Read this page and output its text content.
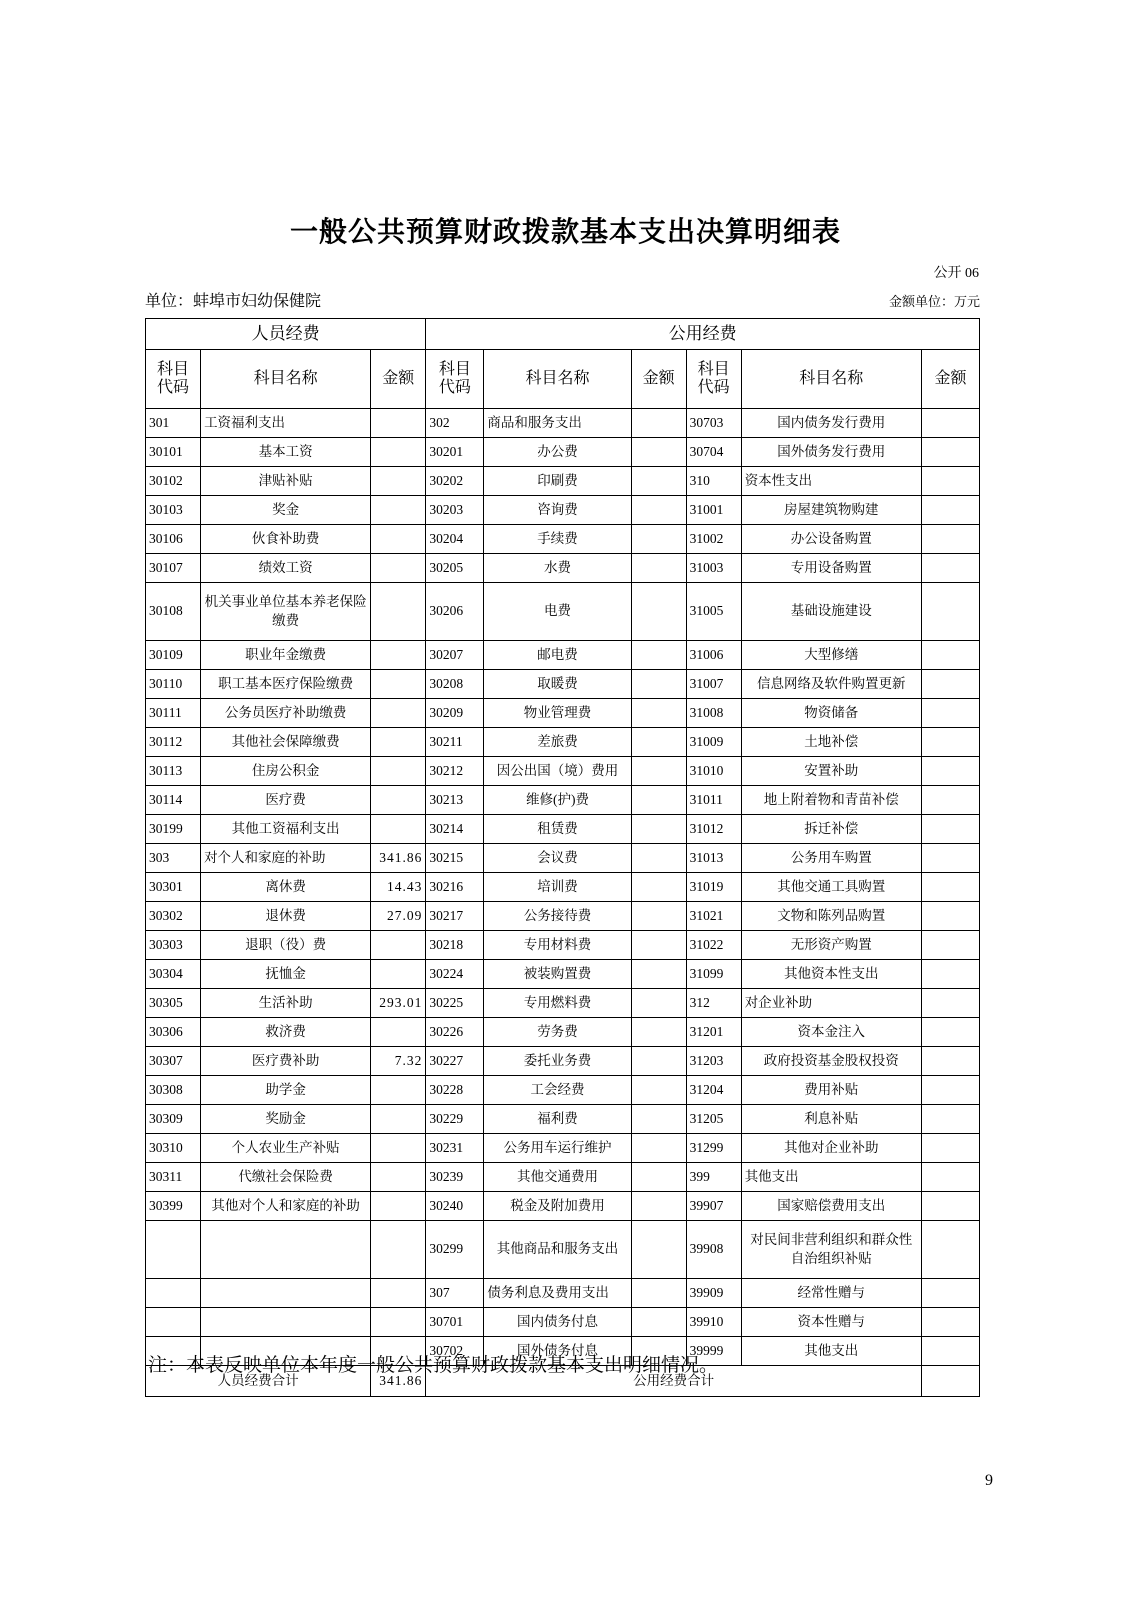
一般公共预算财政拨款基本支出决算明细表
公开 06
单位：蚌埠市妇幼保健院	金额单位：万元
人员经费			公用经费					

科目
代码	科目名称	金额	科目
代码	科目名称	金额	科目
代码	科目名称	金额
301	工资福利支出		302	商品和服务支出		30703	国内债务发行费用	
30101	基本工资		30201	办公费		30704	国外债务发行费用	
30102	津贴补贴		30202	印刷费		310	资本性支出	
30103	奖金		30203	咨询费		31001	房屋建筑物购建	
30106	伙食补助费		30204	手续费		31002	办公设备购置	
30107	绩效工资		30205	水费		31003	专用设备购置	
30108	机关事业单位基本养老保险缴费		30206	电费		31005	基础设施建设	
30109	职业年金缴费		30207	邮电费		31006	大型修缮	
30110	职工基本医疗保险缴费		30208	取暖费		31007	信息网络及软件购置更新	
30111	公务员医疗补助缴费		30209	物业管理费		31008	物资储备	
30112	其他社会保障缴费		30211	差旅费		31009	土地补偿	
30113	住房公积金		30212	因公出国（境）费用		31010	安置补助	
30114	医疗费		30213	维修(护)费		31011	地上附着物和青苗补偿	
30199	其他工资福利支出		30214	租赁费		31012	拆迁补偿	
303	对个人和家庭的补助	341.86	30215	会议费		31013	公务用车购置	
30301	离休费	14.43	30216	培训费		31019	其他交通工具购置	
30302	退休费	27.09	30217	公务接待费		31021	文物和陈列品购置	
30303	退职（役）费		30218	专用材料费		31022	无形资产购置	
30304	抚恤金		30224	被装购置费		31099	其他资本性支出	
30305	生活补助	293.01	30225	专用燃料费		312	对企业补助	
30306	救济费		30226	劳务费		31201	资本金注入	
30307	医疗费补助	7.32	30227	委托业务费		31203	政府投资基金股权投资	
30308	助学金		30228	工会经费		31204	费用补贴	
30309	奖励金		30229	福利费		31205	利息补贴	
30310	个人农业生产补贴		30231	公务用车运行维护		31299	其他对企业补助	
30311	代缴社会保险费		30239	其他交通费用		399	其他支出	
30399	其他对个人和家庭的补助		30240	税金及附加费用		39907	国家赔偿费用支出	
			30299	其他商品和服务支出		39908	对民间非营利组织和群众性自治组织补贴	
			307	债务利息及费用支出		39909	经常性赠与	
			30701	国内债务付息		39910	资本性赠与	
			30702	国外债务付息		39999	其他支出	
人员经费合计		341.86	公用经费合计					
注：本表反映单位本年度一般公共预算财政拨款基本支出明细情况。
9
